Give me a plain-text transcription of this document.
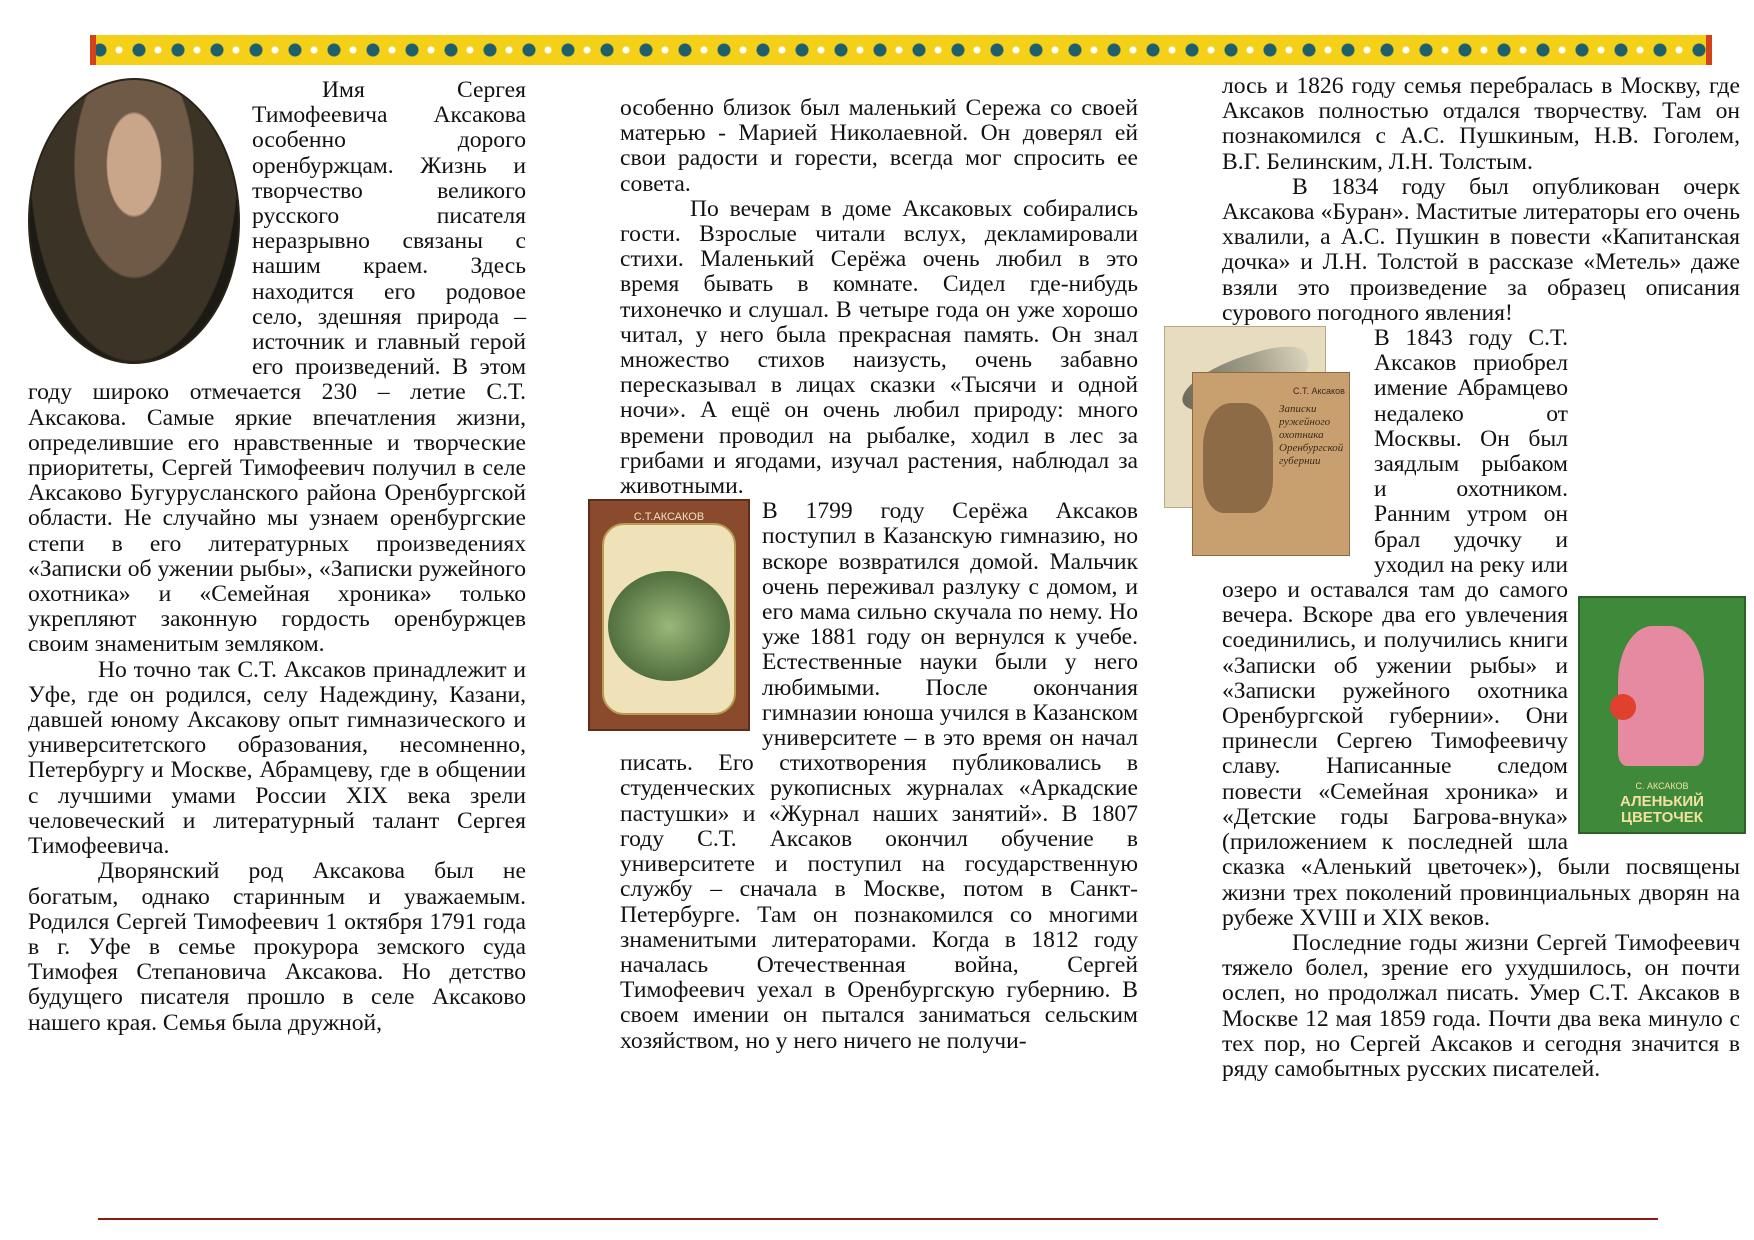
Имя Сергея Тимофеевича Аксакова особенно дорого оренбуржцам. Жизнь и творчество великого русского писателя неразрывно связаны с нашим краем. Здесь находится его родовое село, здешняя природа – источник и главный герой его произведений. В этом году широко отмечается 230 – летие С.Т. Аксакова. Самые яркие впечатления жизни, определившие его нравственные и творческие приоритеты, Сергей Тимофеевич получил в селе Аксаково Бугурусланского района Оренбургской области. Не случайно мы узнаем оренбургские степи в его литературных произведениях «Записки об ужении рыбы», «Записки ружейного охотника» и «Семейная хроника» только укрепляют законную гордость оренбуржцев своим знаменитым земляком.

Но точно так С.Т. Аксаков принадлежит и Уфе, где он родился, селу Надеждину, Казани, давшей юному Аксакову опыт гимназического и университетского образования, несомненно, Петербургу и Москве, Абрамцеву, где в общении с лучшими умами России XIX века зрели человеческий и литературный талант Сергея Тимофеевича.

Дворянский род Аксакова был не богатым, однако старинным и уважаемым. Родился Сергей Тимофеевич 1 октября 1791 года в г. Уфе в семье прокурора земского суда Тимофея Степановича Аксакова. Но детство будущего писателя прошло в селе Аксаково нашего края. Семья была дружной,

особенно близок был маленький Сережа со своей матерью - Марией Николаевной. Он доверял ей свои радости и горести, всегда мог спросить ее совета.

По вечерам в доме Аксаковых собирались гости. Взрослые читали вслух, декламировали стихи. Маленький Серёжа очень любил в это время бывать в комнате. Сидел где-нибудь тихонечко и слушал. В четыре года он уже хорошо читал, у него была прекрасная память. Он знал множество стихов наизусть, очень забавно пересказывал в лицах сказки «Тысячи и одной ночи». А ещё он очень любил природу: много времени проводил на рыбалке, ходил в лес за грибами и ягодами, изучал растения, наблюдал за животными.

С.Т.АКСАКОВ	В 1799 году Серёжа Аксаков поступил в Казанскую гимназию, но вскоре возвратился домой. Мальчик очень переживал разлуку с домом, и его мама сильно скучала по нему. Но уже 1881 году он вернулся к учебе. Естественные науки были у него любимыми. После окончания гимназии юноша учился в Казанском университете – в это время он начал писать. Его стихотворения публиковались в студенческих рукописных журналах «Аркадские пастушки» и «Журнал наших занятий». В 1807 году С.Т. Аксаков окончил обучение в университете и поступил на государственную службу – сначала в Москве, потом в Санкт-Петербурге. Там он познакомился со многими знаменитыми литераторами. Когда в 1812 году началась Отечественная война, Сергей Тимофеевич уехал в Оренбургскую губернию. В своем имении он пытался заниматься сельским хозяйством, но у него ничего не получи-

лось и 1826 году семья перебралась в Москву, где Аксаков полностью отдался творчеству. Там он познакомился с А.С. Пушкиным, Н.В. Гоголем, В.Г. Белинским, Л.Н. Толстым.

В 1834 году был опубликован очерк Аксакова «Буран». Маститые литераторы его очень хвалили, а А.С. Пушкин в повести «Капитанская дочка» и Л.Н. Толстой в рассказе «Метель» даже взяли это произведение за образец описания сурового погодного явления!

С.Т. Аксаков
Записки ружейного охотника Оренбургской губернии
С. АКСАКОВ
АЛЕНЬКИЙ ЦВЕТОЧЕК

В 1843 году С.Т. Аксаков приобрел имение Абрамцево недалеко от Москвы. Он был заядлым рыбаком и охотником. Ранним утром он брал удочку и уходил на реку или озеро и оставался там до самого вечера. Вскоре два его увлечения соединились, и получились книги «Записки об ужении рыбы» и «Записки ружейного охотника Оренбургской губернии». Они принесли Сергею Тимофеевичу славу. Написанные следом повести «Семейная хроника» и «Детские годы Багрова-внука» (приложением к последней шла сказка «Аленький цветочек»), были посвящены жизни трех поколений провинциальных дворян на рубеже XVIII и XIX веков.

Последние годы жизни Сергей Тимофеевич тяжело болел, зрение его ухудшилось, он почти ослеп, но продолжал писать. Умер С.Т. Аксаков в Москве 12 мая 1859 года. Почти два века минуло с тех пор, но Сергей Аксаков и сегодня значится в ряду самобытных русских писателей.
